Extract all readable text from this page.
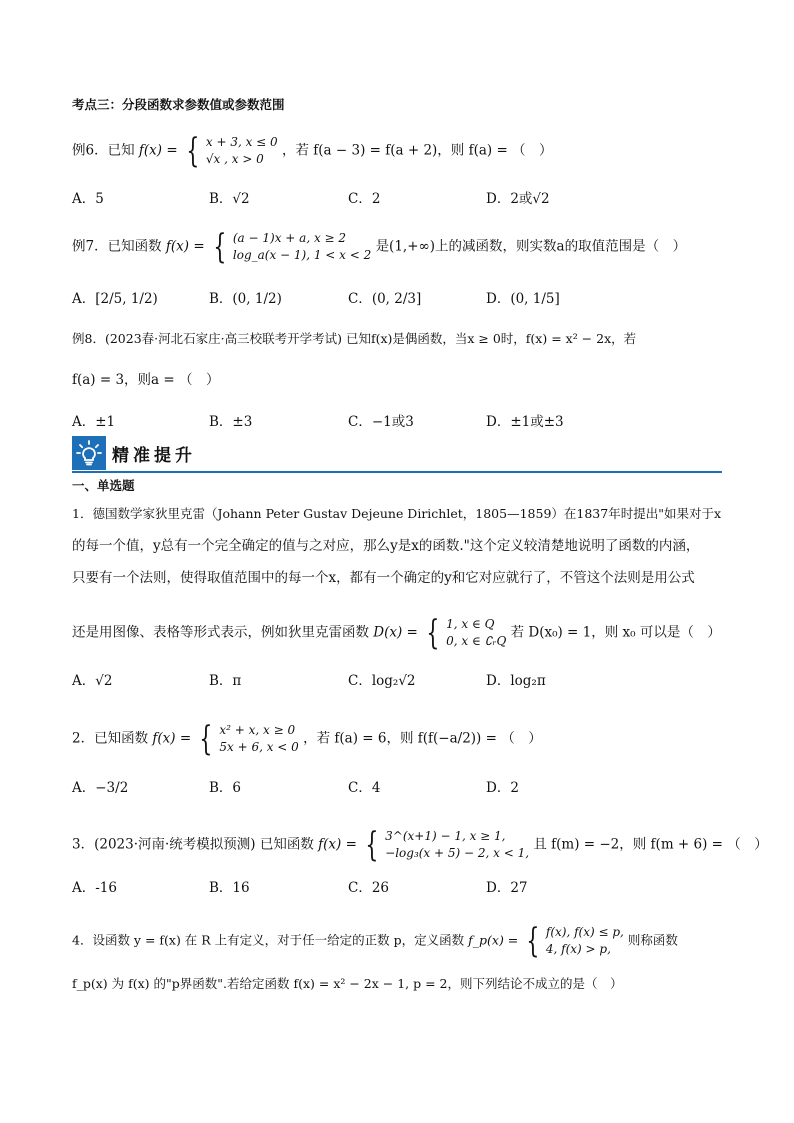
考点三：分段函数求参数值或参数范围
例6．已知 f(x) = { x + 3, x ≤ 0
√x , x > 0 ，若 f(a − 3) = f(a + 2)，则 f(a) = （　）
A．5	B．√2	C．2	D．2或√2
例7．已知函数 f(x) = { (a − 1)x + a, x ≥ 2
log_a(x − 1), 1 < x < 2 是(1,+∞)上的减函数，则实数a的取值范围是（　）
A．[2/5, 1/2)	B．(0, 1/2)	C．(0, 2/3]	D．(0, 1/5]
例8．(2023春·河北石家庄·高三校联考开学考试) 已知f(x)是偶函数，当x ≥ 0时，f(x) = x² − 2x，若
f(a) = 3，则a = （　）
A．±1	B．±3	C．−1或3	D．±1或±3
精准提升
一、单选题
1．德国数学家狄里克雷（Johann Peter Gustav Dejeune Dirichlet，1805—1859）在1837年时提出"如果对于x
的每一个值，y总有一个完全确定的值与之对应，那么y是x的函数."这个定义较清楚地说明了函数的内涵，
只要有一个法则，使得取值范围中的每一个x，都有一个确定的y和它对应就行了，不管这个法则是用公式
还是用图像、表格等形式表示，例如狄里克雷函数 D(x) = { 1, x ∈ Q
0, x ∈ ∁ᵣQ 若 D(x₀) = 1，则 x₀ 可以是（　）
A．√2	B．π	C．log₂√2	D．log₂π
2．已知函数 f(x) = { x² + x, x ≥ 0
5x + 6, x < 0 ，若 f(a) = 6，则 f(f(−a/2)) = （　）
A．−3/2	B．6	C．4	D．2
3．(2023·河南·统考模拟预测) 已知函数 f(x) = { 3^(x+1) − 1, x ≥ 1,
−log₃(x + 5) − 2, x < 1, 且 f(m) = −2，则 f(m + 6) = （　）
A．-16	B．16	C．26	D．27
4．设函数 y = f(x) 在 R 上有定义，对于任一给定的正数 p，定义函数 f_p(x) = { f(x), f(x) ≤ p,
4, f(x) > p, 则称函数
f_p(x) 为 f(x) 的"p界函数".若给定函数 f(x) = x² − 2x − 1, p = 2，则下列结论不成立的是（　）
